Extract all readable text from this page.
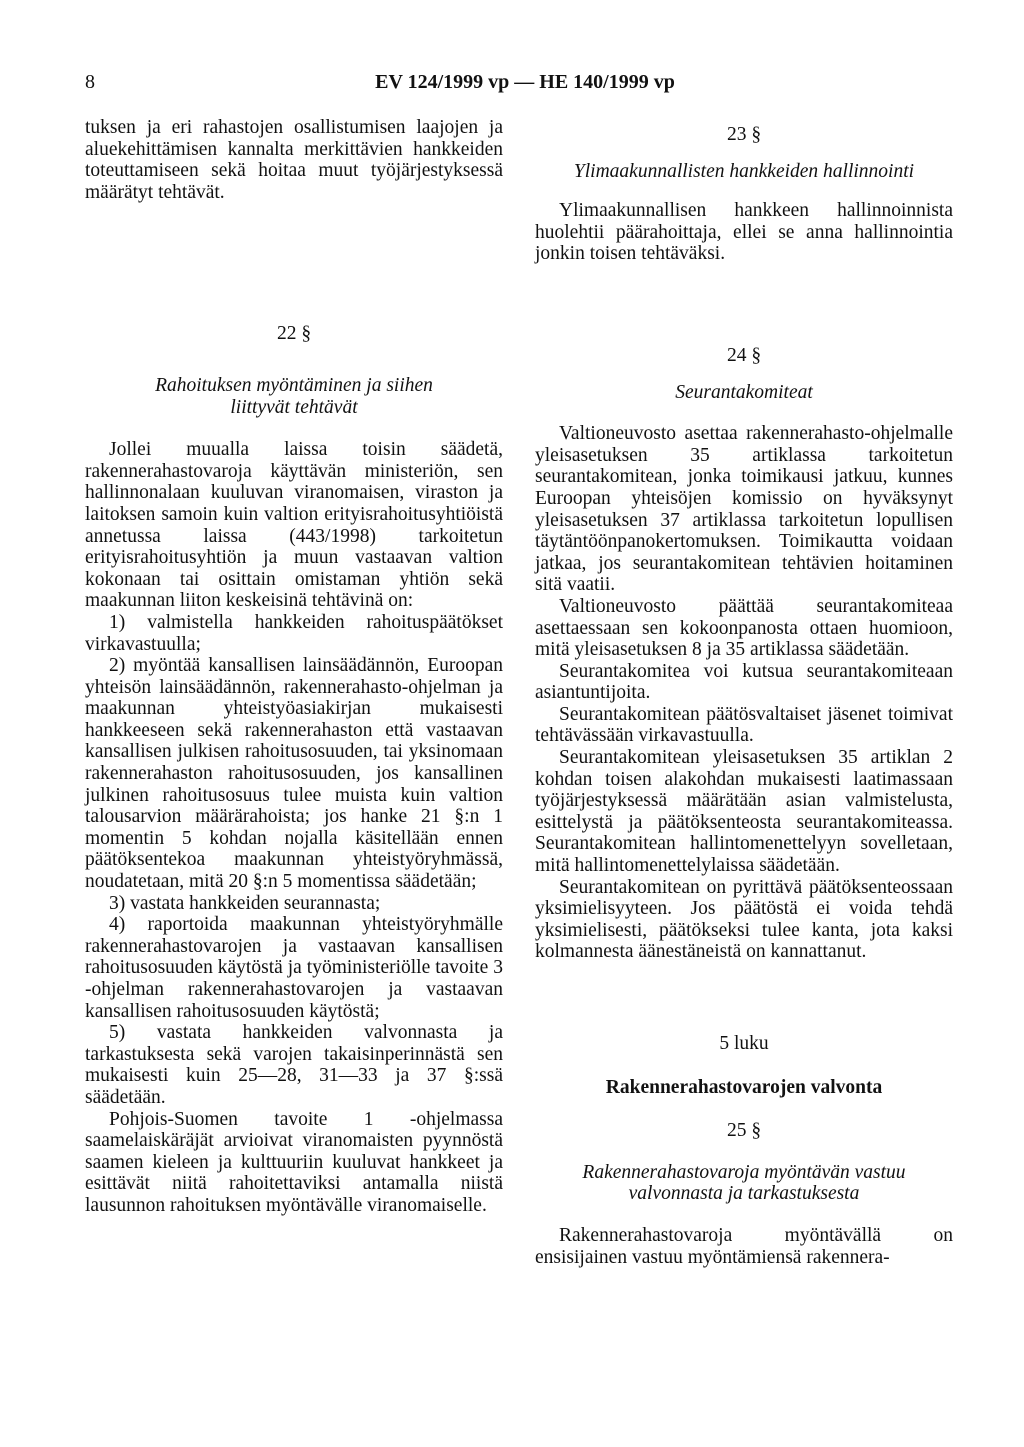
8	EV 124/1999 vp — HE 140/1999 vp

tuksen ja eri rahastojen osallistumisen laajojen ja aluekehittämisen kannalta merkittävien hankkeiden toteuttamiseen sekä hoitaa muut työjärjestyksessä määrätyt tehtävät.

22 §

Rahoituksen myöntäminen ja siihen liittyvät tehtävät

Jollei muualla laissa toisin säädetä, rakennerahastovaroja käyttävän ministeriön, sen hallinnonalaan kuuluvan viranomaisen, viraston ja laitoksen samoin kuin valtion erityisrahoitusyhtiöistä annetussa laissa (443/1998) tarkoitetun erityisrahoitusyhtiön ja muun vastaavan valtion kokonaan tai osittain omistaman yhtiön sekä maakunnan liiton keskeisinä tehtävinä on:

1) valmistella hankkeiden rahoituspäätökset virkavastuulla;

2) myöntää kansallisen lainsäädännön, Euroopan yhteisön lainsäädännön, rakennerahasto-ohjelman ja maakunnan yhteistyöasiakirjan mukaisesti hankkeeseen sekä rakennerahaston että vastaavan kansallisen julkisen rahoitusosuuden, tai yksinomaan rakennerahaston rahoitusosuuden, jos kansallinen julkinen rahoitusosuus tulee muista kuin valtion talousarvion määrärahoista; jos hanke 21 §:n 1 momentin 5 kohdan nojalla käsitellään ennen päätöksentekoa maakunnan yhteistyöryhmässä, noudatetaan, mitä 20 §:n 5 momentissa säädetään;

3) vastata hankkeiden seurannasta;

4) raportoida maakunnan yhteistyöryhmälle rakennerahastovarojen ja vastaavan kansallisen rahoitusosuuden käytöstä ja työministeriölle tavoite 3 -ohjelman rakennerahastovarojen ja vastaavan kansallisen rahoitusosuuden käytöstä;

5) vastata hankkeiden valvonnasta ja tarkastuksesta sekä varojen takaisinperinnästä sen mukaisesti kuin 25—28, 31—33 ja 37 §:ssä säädetään.

Pohjois-Suomen tavoite 1 -ohjelmassa saamelaiskäräjät arvioivat viranomaisten pyynnöstä saamen kieleen ja kulttuuriin kuuluvat hankkeet ja esittävät niitä rahoitettaviksi antamalla niistä lausunnon rahoituksen myöntävälle viranomaiselle.

23 §

Ylimaakunnallisten hankkeiden hallinnointi

Ylimaakunnallisen hankkeen hallinnoinnista huolehtii päärahoittaja, ellei se anna hallinnointia jonkin toisen tehtäväksi.

24 §

Seurantakomiteat

Valtioneuvosto asettaa rakennerahasto-ohjelmalle yleisasetuksen 35 artiklassa tarkoitetun seurantakomitean, jonka toimikausi jatkuu, kunnes Euroopan yhteisöjen komissio on hyväksynyt yleisasetuksen 37 artiklassa tarkoitetun lopullisen täytäntöönpanokertomuksen. Toimikautta voidaan jatkaa, jos seurantakomitean tehtävien hoitaminen sitä vaatii.

Valtioneuvosto päättää seurantakomiteaa asettaessaan sen kokoonpanosta ottaen huomioon, mitä yleisasetuksen 8 ja 35 artiklassa säädetään.

Seurantakomitea voi kutsua seurantakomiteaan asiantuntijoita.

Seurantakomitean päätösvaltaiset jäsenet toimivat tehtävässään virkavastuulla.

Seurantakomitean yleisasetuksen 35 artiklan 2 kohdan toisen alakohdan mukaisesti laatimassaan työjärjestyksessä määrätään asian valmistelusta, esittelystä ja päätöksenteosta seurantakomiteassa. Seurantakomitean hallintomenettelyyn sovelletaan, mitä hallintomenettelylaissa säädetään.

Seurantakomitean on pyrittävä päätöksenteossaan yksimielisyyteen. Jos päätöstä ei voida tehdä yksimielisesti, päätökseksi tulee kanta, jota kaksi kolmannesta äänestäneistä on kannattanut.

5 luku

Rakennerahastovarojen valvonta

25 §

Rakennerahastovaroja myöntävän vastuu valvonnasta ja tarkastuksesta

Rakennerahastovaroja myöntävällä on ensisijainen vastuu myöntämiensä rakennera-
